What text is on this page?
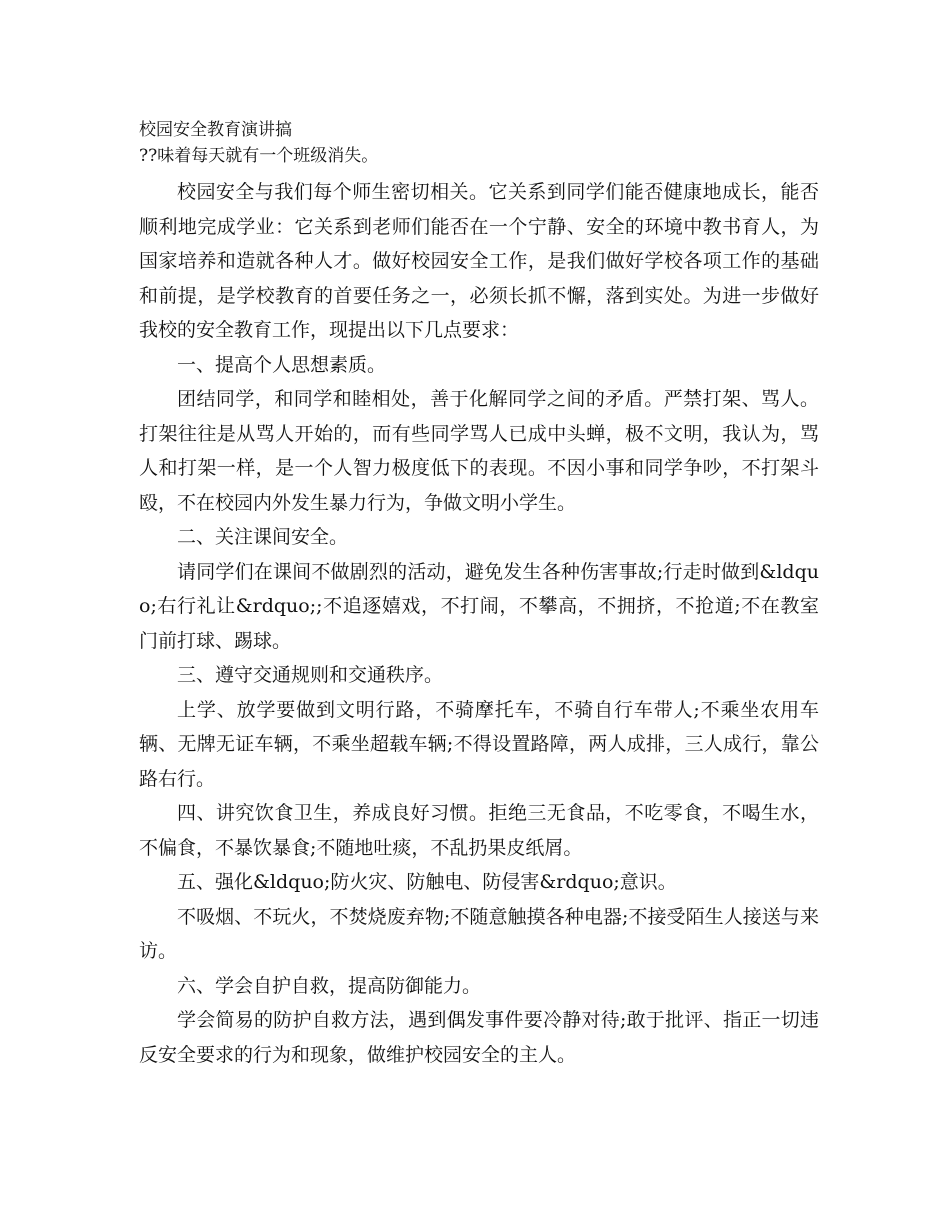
校园安全教育演讲搞

??味着每天就有一个班级消失。

校园安全与我们每个师生密切相关。它关系到同学们能否健康地成长，能否顺利地完成学业：它关系到老师们能否在一个宁静、安全的环境中教书育人，为国家培养和造就各种人才。做好校园安全工作，是我们做好学校各项工作的基础和前提，是学校教育的首要任务之一，必须长抓不懈，落到实处。为进一步做好我校的安全教育工作，现提出以下几点要求：

一、提高个人思想素质。

团结同学，和同学和睦相处，善于化解同学之间的矛盾。严禁打架、骂人。打架往往是从骂人开始的，而有些同学骂人已成中头蝉，极不文明，我认为，骂人和打架一样，是一个人智力极度低下的表现。不因小事和同学争吵，不打架斗殴，不在校园内外发生暴力行为，争做文明小学生。

二、关注课间安全。

请同学们在课间不做剧烈的活动，避免发生各种伤害事故;行走时做到&ldquo;右行礼让&rdquo;;不追逐嬉戏，不打闹，不攀高，不拥挤，不抢道;不在教室门前打球、踢球。

三、遵守交通规则和交通秩序。

上学、放学要做到文明行路，不骑摩托车，不骑自行车带人;不乘坐农用车辆、无牌无证车辆，不乘坐超载车辆;不得设置路障，两人成排，三人成行，靠公路右行。

四、讲究饮食卫生，养成良好习惯。拒绝三无食品，不吃零食，不喝生水，不偏食，不暴饮暴食;不随地吐痰，不乱扔果皮纸屑。

五、强化&ldquo;防火灾、防触电、防侵害&rdquo;意识。

不吸烟、不玩火，不焚烧废弃物;不随意触摸各种电器;不接受陌生人接送与来访。

六、学会自护自救，提高防御能力。

学会简易的防护自救方法，遇到偶发事件要冷静对待;敢于批评、指正一切违反安全要求的行为和现象，做维护校园安全的主人。
